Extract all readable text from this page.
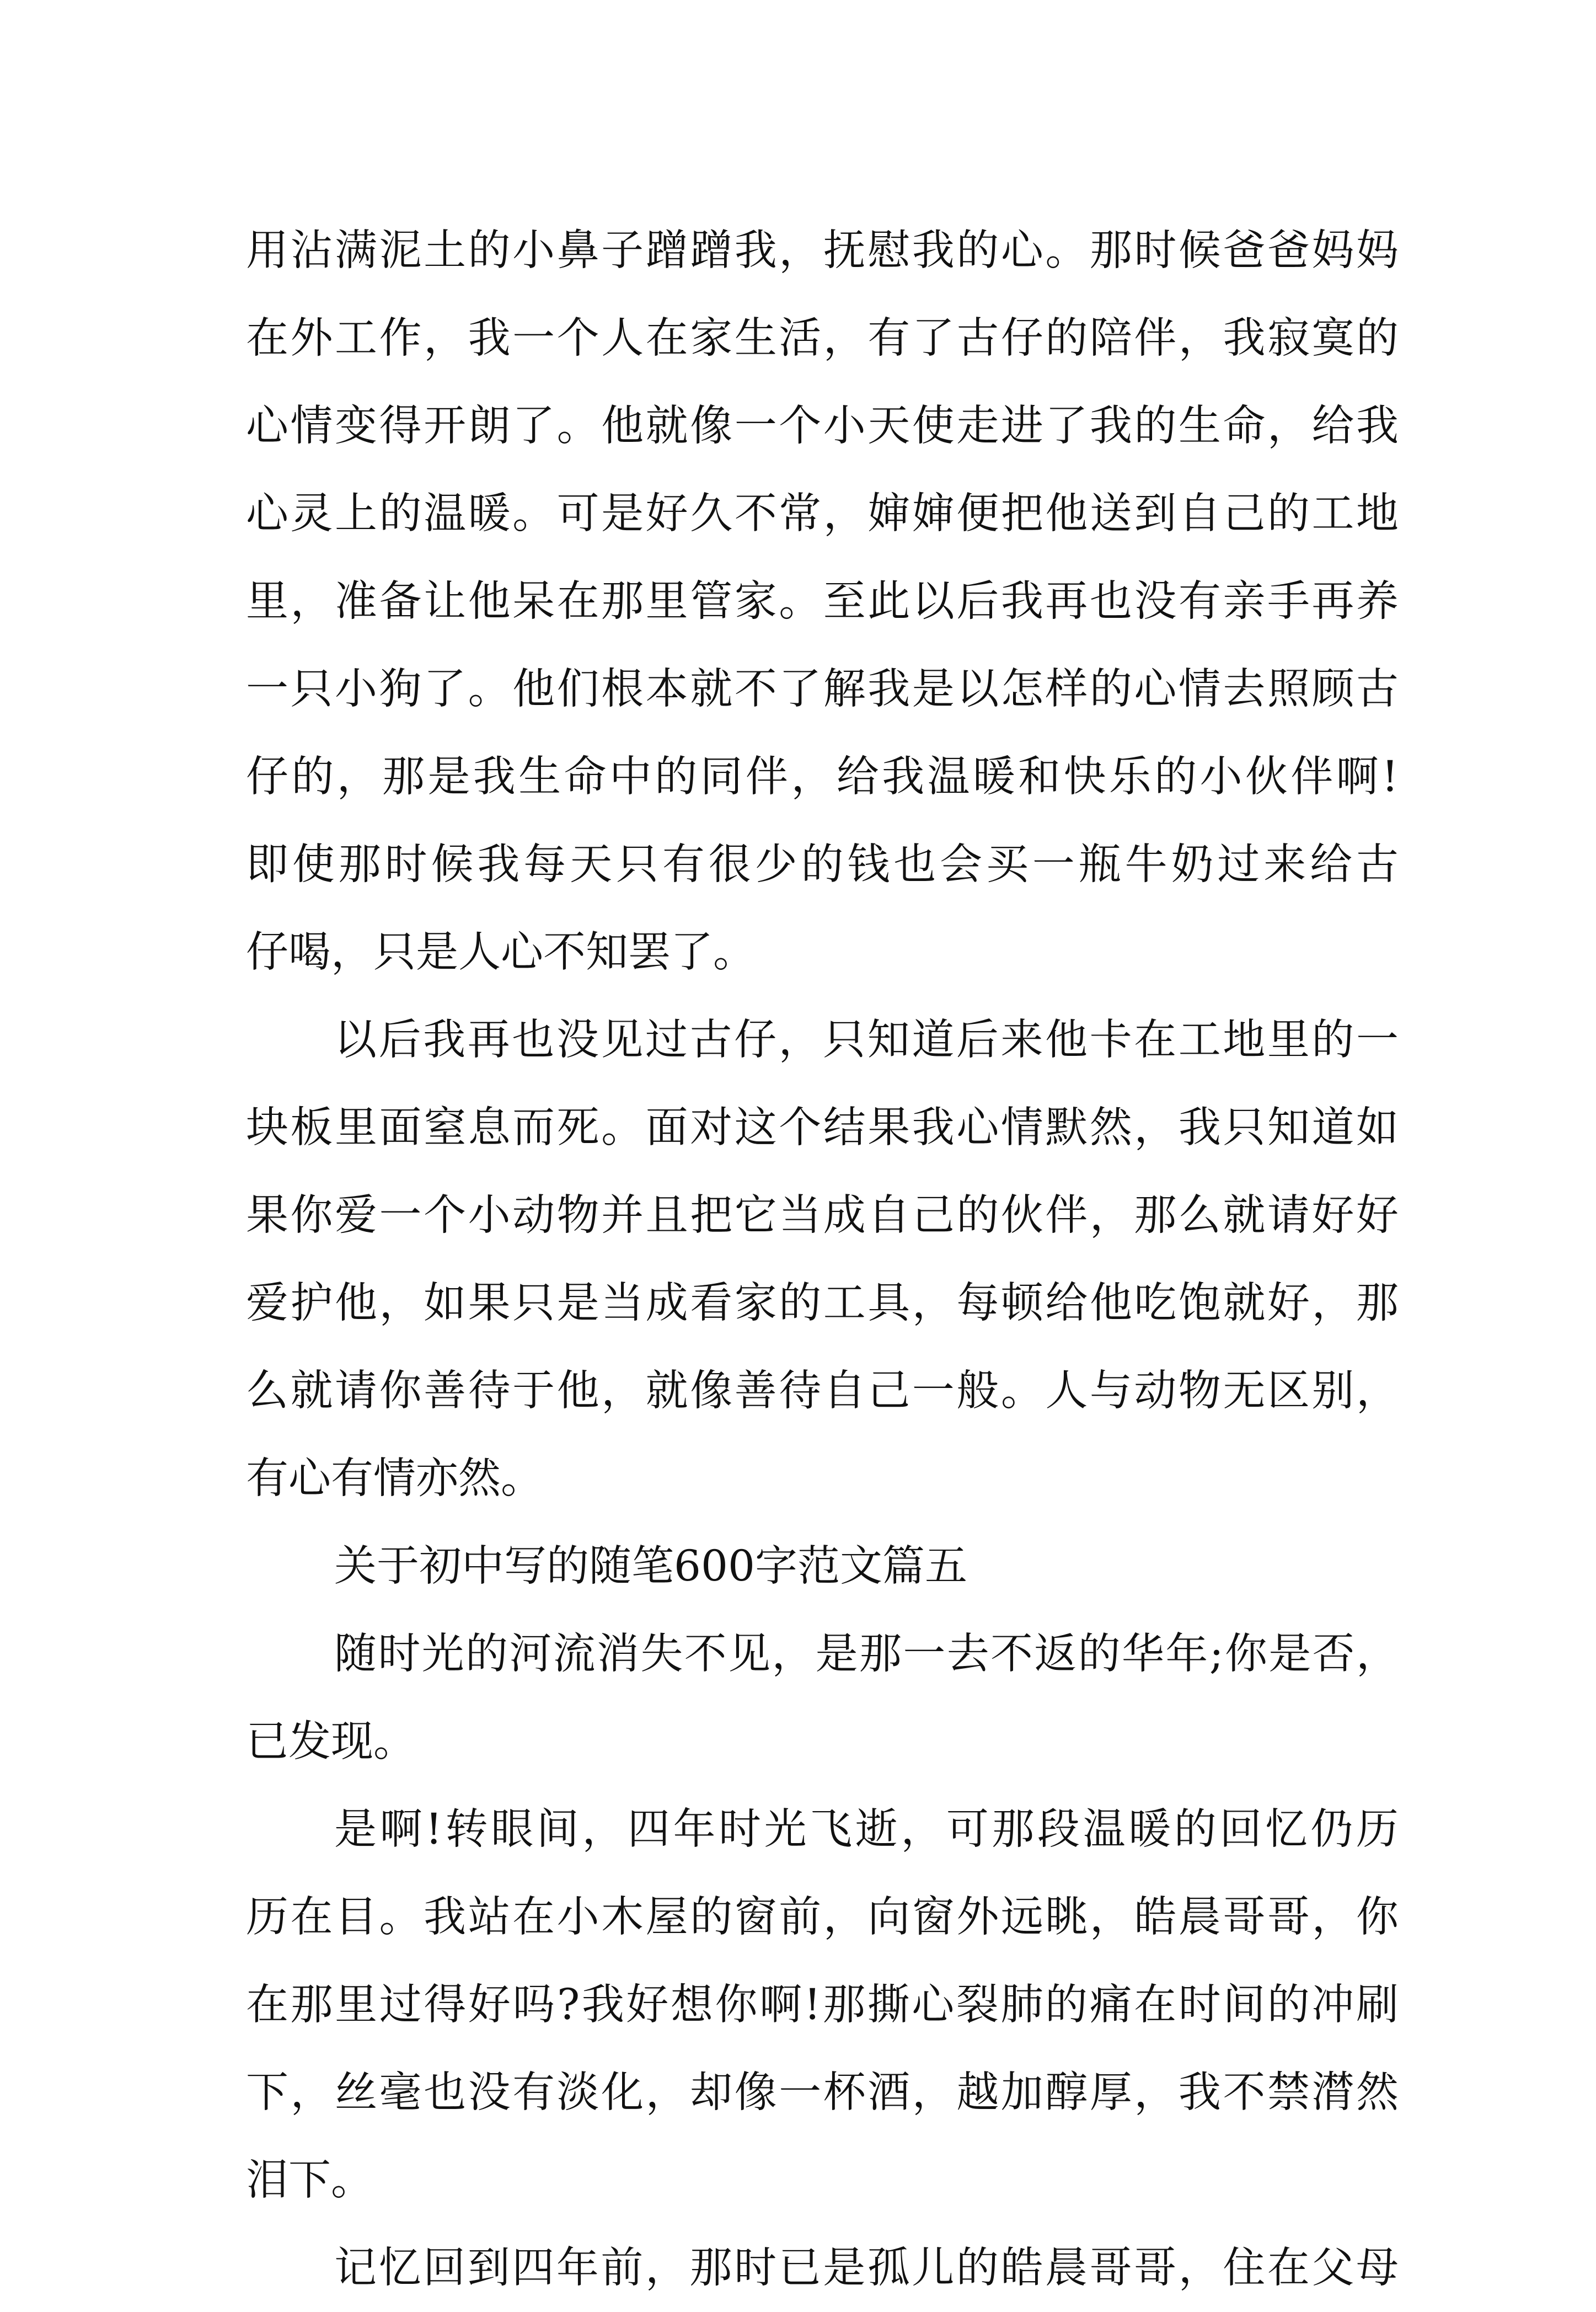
用沾满泥土的小鼻子蹭蹭我，抚慰我的心。那时候爸爸妈妈
在外工作，我一个人在家生活，有了古仔的陪伴，我寂寞的
心情变得开朗了。他就像一个小天使走进了我的生命，给我
心灵上的温暖。可是好久不常，婶婶便把他送到自己的工地
里，准备让他呆在那里管家。至此以后我再也没有亲手再养
一只小狗了。他们根本就不了解我是以怎样的心情去照顾古
仔的，那是我生命中的同伴，给我温暖和快乐的小伙伴啊!
即使那时候我每天只有很少的钱也会买一瓶牛奶过来给古
仔喝，只是人心不知罢了。
以后我再也没见过古仔，只知道后来他卡在工地里的一
块板里面窒息而死。面对这个结果我心情默然，我只知道如
果你爱一个小动物并且把它当成自己的伙伴，那么就请好好
爱护他，如果只是当成看家的工具，每顿给他吃饱就好，那
么就请你善待于他，就像善待自己一般。人与动物无区别，
有心有情亦然。
关于初中写的随笔600字范文篇五
随时光的河流消失不见，是那一去不返的华年;你是否，
已发现。
是啊!转眼间，四年时光飞逝，可那段温暖的回忆仍历
历在目。我站在小木屋的窗前，向窗外远眺，皓晨哥哥，你
在那里过得好吗?我好想你啊!那撕心裂肺的痛在时间的冲刷
下，丝毫也没有淡化，却像一杯酒，越加醇厚，我不禁潸然
泪下。
记忆回到四年前，那时已是孤儿的皓晨哥哥，住在父母
